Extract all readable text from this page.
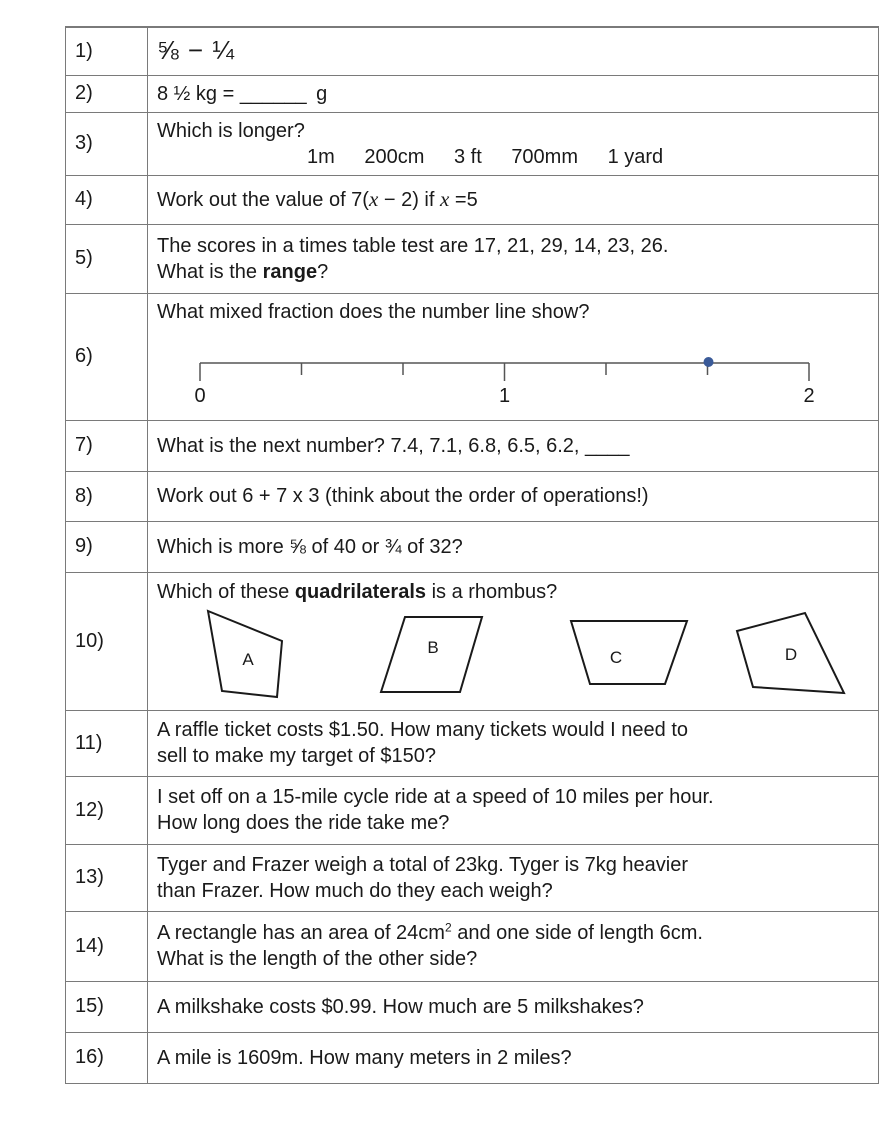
1)	⅝ − ¼
2)	8 ½ kg = ______ g
3)	Which is longer?
1m 200cm 3 ft 700mm 1 yard

4)	Work out the value of 7(x − 2) if x =5
5)	The scores in a times table test are 17, 21, 29, 14, 23, 26.
What is the range?

6)	What mixed fraction does the number line show?
0 1 2

7)	What is the next number? 7.4, 7.1, 6.8, 6.5, 6.2, ____
8)	Work out 6 + 7 x 3 (think about the order of operations!)
9)	Which is more ⅝ of 40 or ¾ of 32?
10)	Which of these quadrilaterals is a rhombus?
A
B
C D

11)	A raffle ticket costs $1.50. How many tickets would I need to
sell to make my target of $150?

12)	I set off on a 15-mile cycle ride at a speed of 10 miles per hour.
How long does the ride take me?

13)	Tyger and Frazer weigh a total of 23kg. Tyger is 7kg heavier
than Frazer. How much do they each weigh?

14)	A rectangle has an area of $24cm^2$ and one side of length 6cm.
What is the length of the other side?

15)	A milkshake costs $0.99. How much are 5 milkshakes?
16)	A mile is 1609m. How many meters in 2 miles?
